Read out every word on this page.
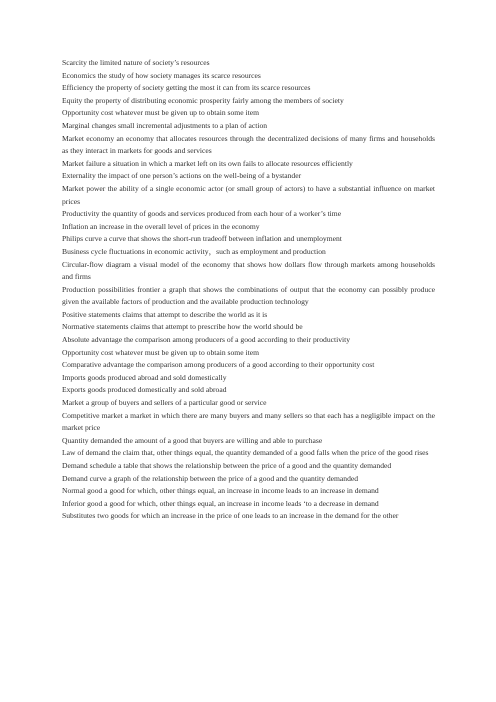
Scarcity the limited nature of society’s resources

Economics the study of how society manages its scarce resources

Efficiency the property of society getting the most it can from its scarce resources

Equity the property of distributing economic prosperity fairly among the members of society

Opportunity cost whatever must be given up to obtain some item

Marginal changes small incremental adjustments to a plan of action

Market economy an economy that allocates resources through the decentralized decisions of many firms and households as they interact in markets for goods and services

Market failure a situation in which a market left on its own fails to allocate resources efficiently

Externality the impact of one person’s actions on the well-being of a bystander

Market power the ability of a single economic actor (or small group of actors) to have a substantial influence on market prices

Productivity the quantity of goods and services produced from each hour of a worker’s time

Inflation an increase in the overall level of prices in the economy

Philips curve a curve that shows the short-run tradeoff between inflation and unemployment

Business cycle fluctuations in economic activity，such as employment and production

Circular-flow diagram a visual model of the economy that shows how dollars flow through markets among households and firms

Production possibilities frontier a graph that shows the combinations of output that the economy can possibly produce given the available factors of production and the available production technology

Positive statements claims that attempt to describe the world as it is

Normative statements claims that attempt to prescribe how the world should be

Absolute advantage the comparison among producers of a good according to their productivity

Opportunity cost whatever must be given up to obtain some item

Comparative advantage the comparison among producers of a good according to their opportunity cost

Imports goods produced abroad and sold domestically

Exports goods produced domestically and sold abroad

Market a group of buyers and sellers of a particular good or service

Competitive market a market in which there are many buyers and many sellers so that each has a negligible impact on the market price

Quantity demanded the amount of a good that buyers are willing and able to purchase

Law of demand the claim that, other things equal, the quantity demanded of a good falls when the price of the good rises

Demand schedule a table that shows the relationship between the price of a good and the quantity demanded

Demand curve a graph of the relationship between the price of a good and the quantity demanded

Normal good a good for which, other things equal, an increase in income leads to an increase in demand

Inferior good a good for which, other things equal, an increase in income leads ‘to a decrease in demand

Substitutes two goods for which an increase in the price of one leads to an increase in the demand for the other
